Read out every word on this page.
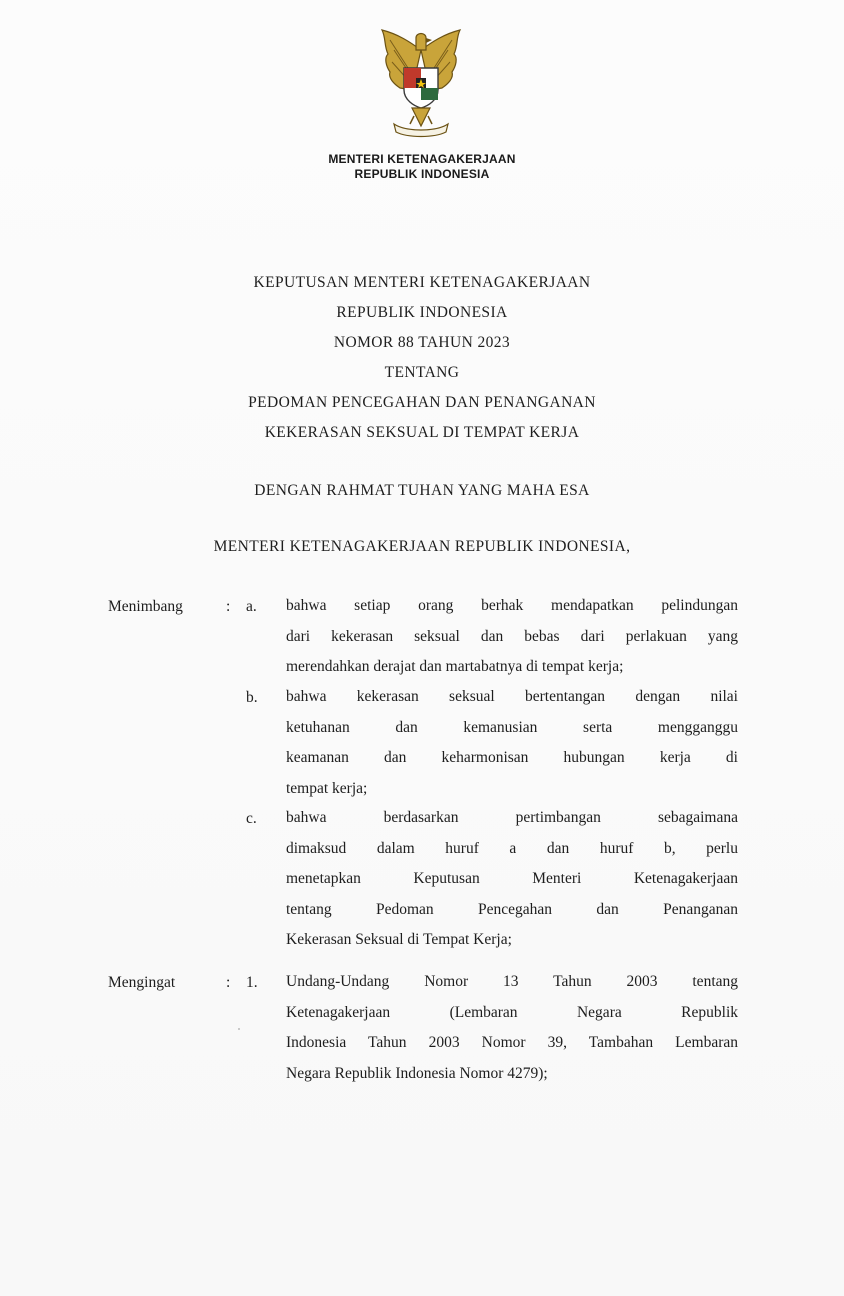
MENTERI KETENAGAKERJAAN
REPUBLIK INDONESIA
KEPUTUSAN MENTERI KETENAGAKERJAAN
REPUBLIK INDONESIA
NOMOR 88 TAHUN 2023
TENTANG
PEDOMAN PENCEGAHAN DAN PENANGANAN
KEKERASAN SEKSUAL DI TEMPAT KERJA
DENGAN RAHMAT TUHAN YANG MAHA ESA
MENTERI KETENAGAKERJAAN REPUBLIK INDONESIA,
Menimbang	: a. bahwa setiap orang berhak mendapatkan pelindungan
dari kekerasan seksual dan bebas dari perlakuan yang
merendahkan derajat dan martabatnya di tempat kerja;
b. bahwa kekerasan seksual bertentangan dengan nilai
ketuhanan dan kemanusian serta mengganggu
keamanan dan keharmonisan hubungan kerja di
tempat kerja;
c. bahwa berdasarkan pertimbangan sebagaimana
dimaksud dalam huruf a dan huruf b, perlu
menetapkan Keputusan Menteri Ketenagakerjaan
tentang Pedoman Pencegahan dan Penanganan
Kekerasan Seksual di Tempat Kerja;
Mengingat	: 1. Undang-Undang Nomor 13 Tahun 2003 tentang
Ketenagakerjaan (Lembaran Negara Republik
Indonesia Tahun 2003 Nomor 39, Tambahan Lembaran
Negara Republik Indonesia Nomor 4279);
